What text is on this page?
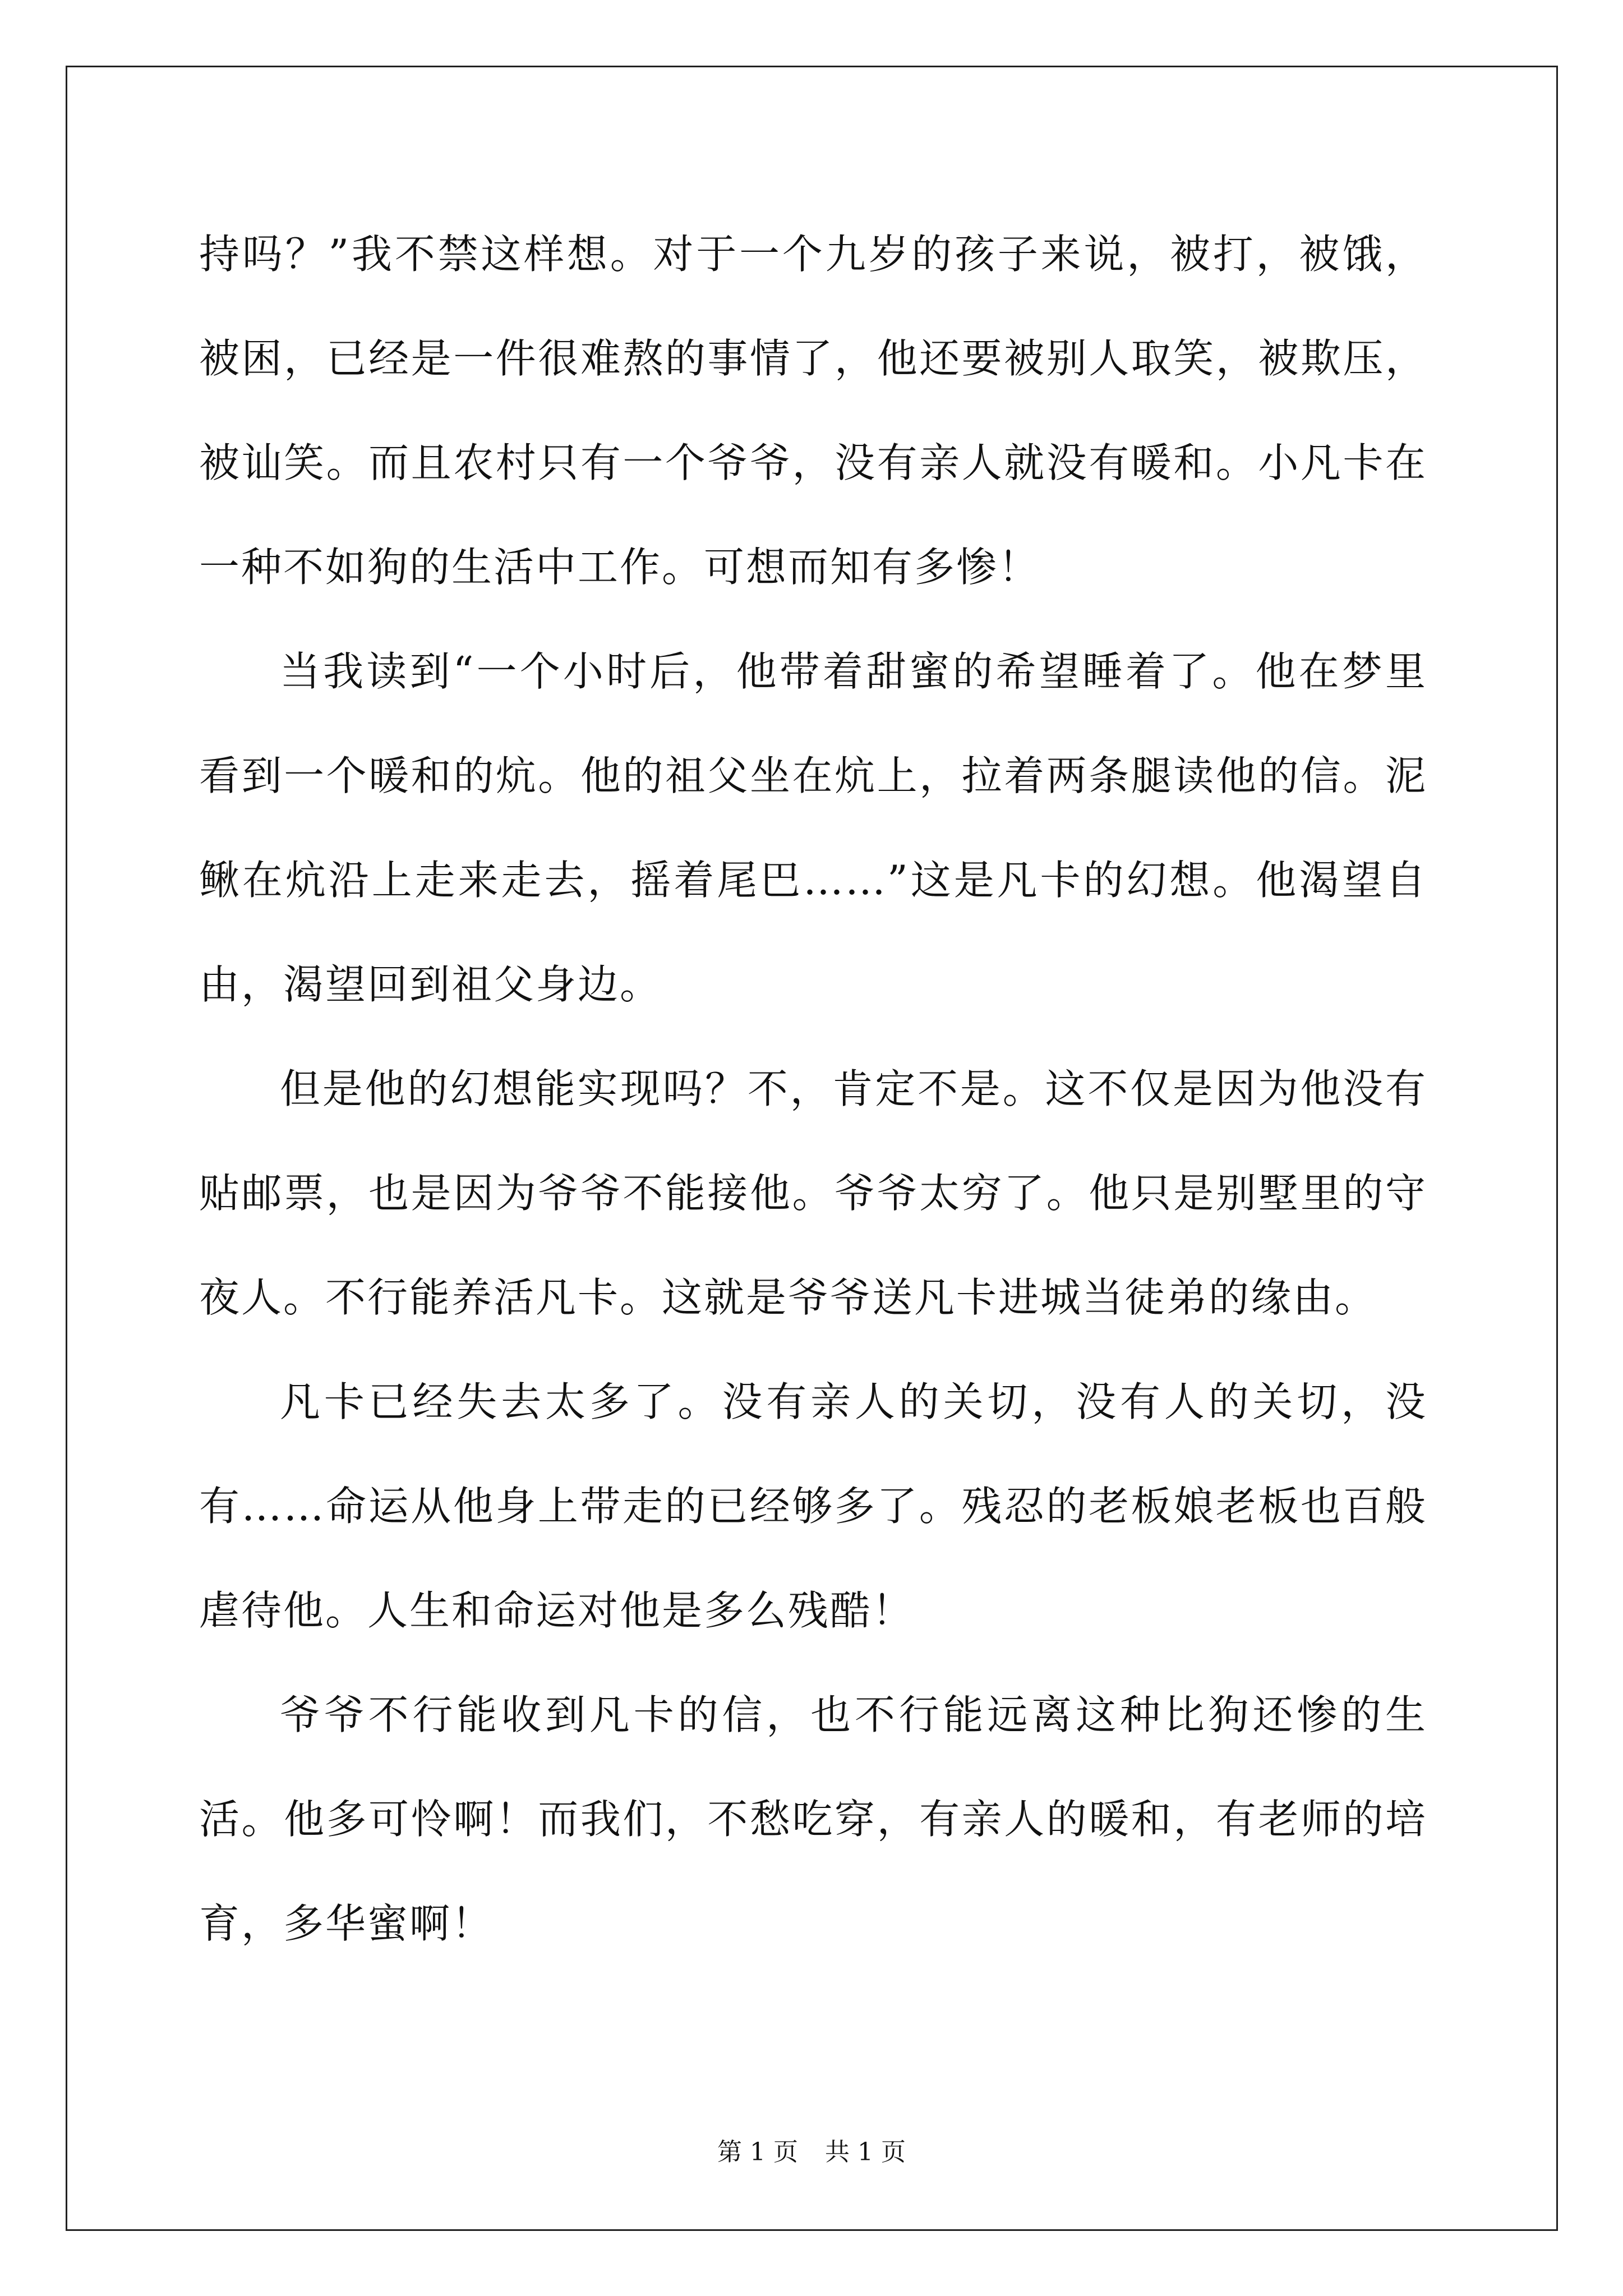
持吗？”我不禁这样想。对于一个九岁的孩子来说，被打，被饿，被困，已经是一件很难熬的事情了，他还要被别人取笑，被欺压，被讪笑。而且农村只有一个爷爷，没有亲人就没有暖和。小凡卡在一种不如狗的生活中工作。可想而知有多惨！

当我读到“一个小时后，他带着甜蜜的希望睡着了。他在梦里看到一个暖和的炕。他的祖父坐在炕上，拉着两条腿读他的信。泥鳅在炕沿上走来走去，摇着尾巴……”这是凡卡的幻想。他渴望自由，渴望回到祖父身边。

但是他的幻想能实现吗？不，肯定不是。这不仅是因为他没有贴邮票，也是因为爷爷不能接他。爷爷太穷了。他只是别墅里的守夜人。不行能养活凡卡。这就是爷爷送凡卡进城当徒弟的缘由。

凡卡已经失去太多了。没有亲人的关切，没有人的关切，没有……命运从他身上带走的已经够多了。残忍的老板娘老板也百般虐待他。人生和命运对他是多么残酷！

爷爷不行能收到凡卡的信，也不行能远离这种比狗还惨的生活。他多可怜啊！而我们，不愁吃穿，有亲人的暖和，有老师的培育，多华蜜啊！

第 1 页 共 1 页
